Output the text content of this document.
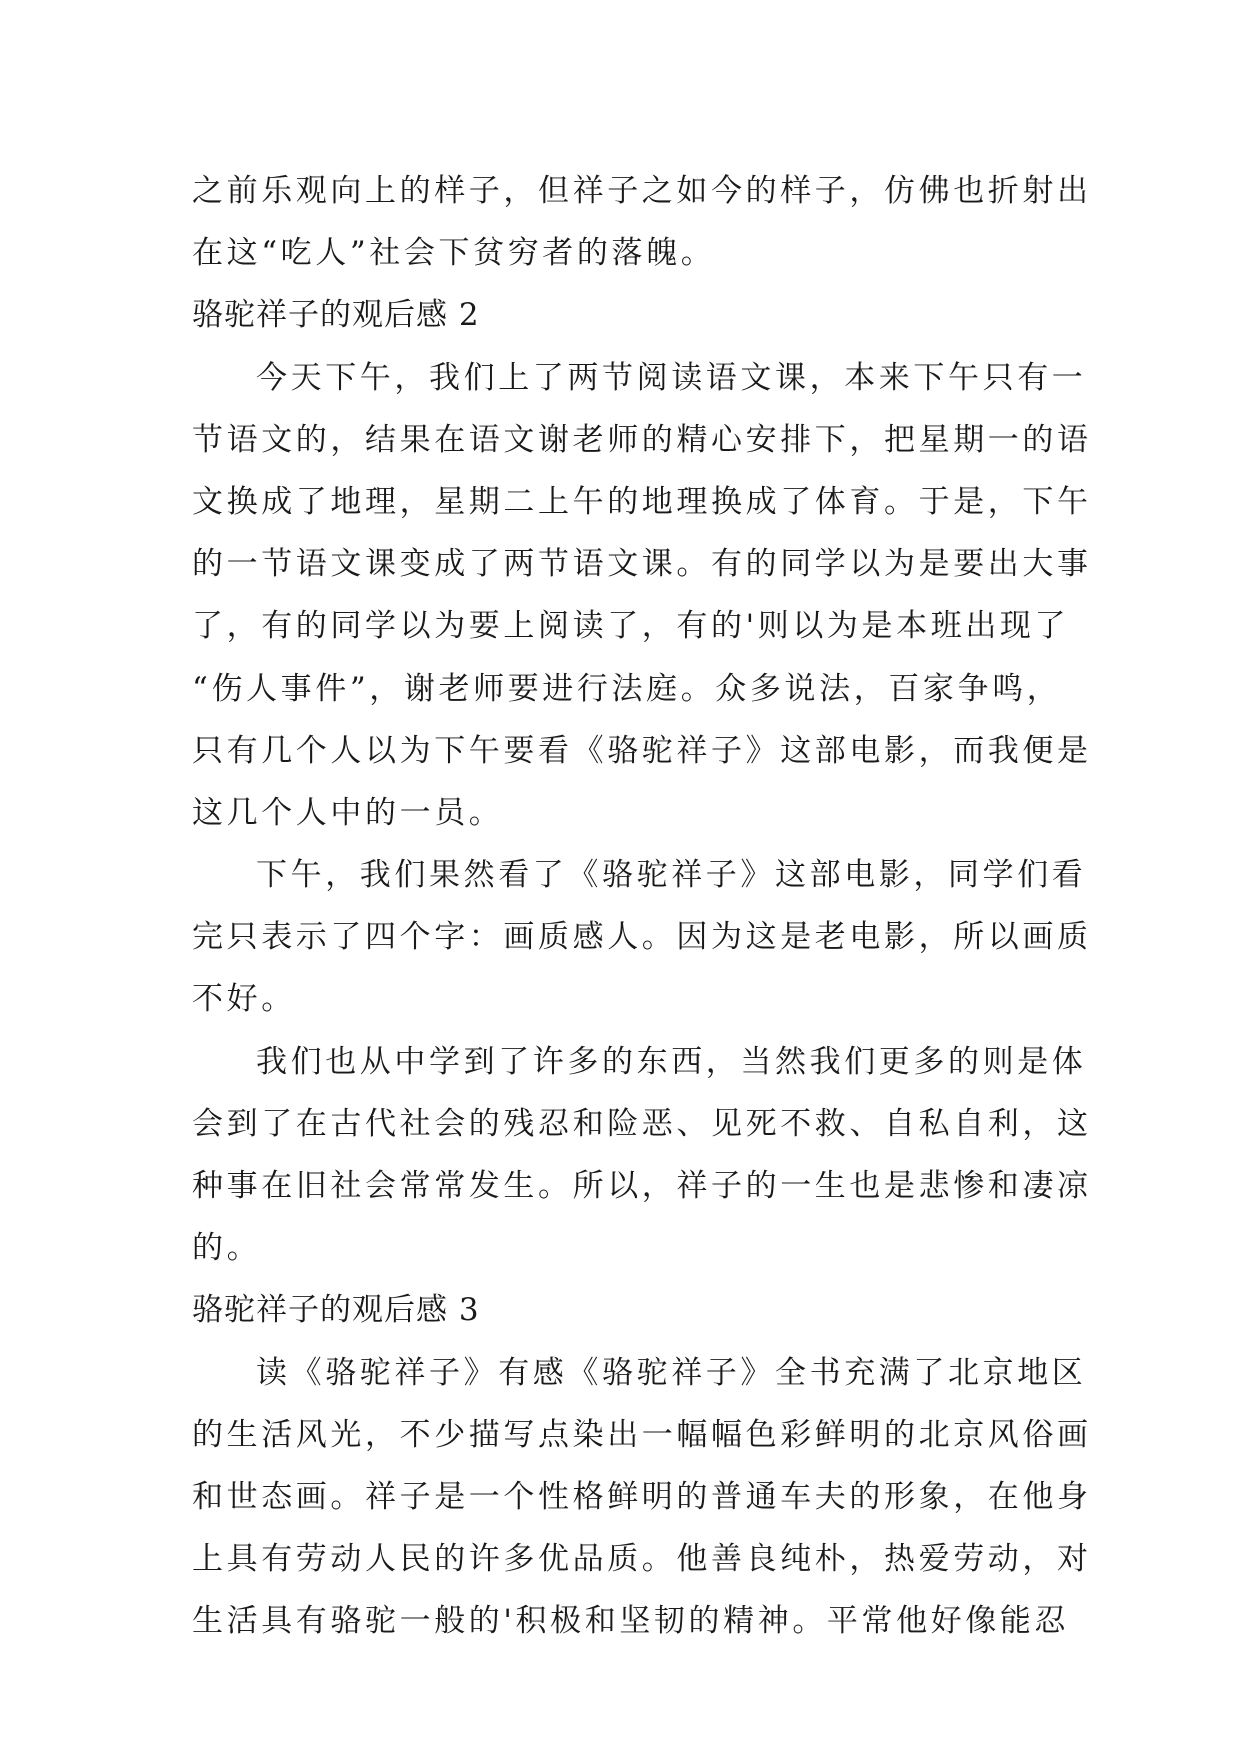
之前乐观向上的样子，但祥子之如今的样子，仿佛也折射出
在这“吃人”社会下贫穷者的落魄。
骆驼祥子的观后感 2
今天下午，我们上了两节阅读语文课，本来下午只有一
节语文的，结果在语文谢老师的精心安排下，把星期一的语
文换成了地理，星期二上午的地理换成了体育。于是，下午
的一节语文课变成了两节语文课。有的同学以为是要出大事
了，有的同学以为要上阅读了，有的'则以为是本班出现了
“伤人事件”，谢老师要进行法庭。众多说法，百家争鸣，
只有几个人以为下午要看《骆驼祥子》这部电影，而我便是
这几个人中的一员。
下午，我们果然看了《骆驼祥子》这部电影，同学们看
完只表示了四个字：画质感人。因为这是老电影，所以画质
不好。
我们也从中学到了许多的东西，当然我们更多的则是体
会到了在古代社会的残忍和险恶、见死不救、自私自利，这
种事在旧社会常常发生。所以，祥子的一生也是悲惨和凄凉
的。
骆驼祥子的观后感 3
读《骆驼祥子》有感《骆驼祥子》全书充满了北京地区
的生活风光，不少描写点染出一幅幅色彩鲜明的北京风俗画
和世态画。祥子是一个性格鲜明的普通车夫的形象，在他身
上具有劳动人民的许多优品质。他善良纯朴，热爱劳动，对
生活具有骆驼一般的'积极和坚韧的精神。平常他好像能忍
